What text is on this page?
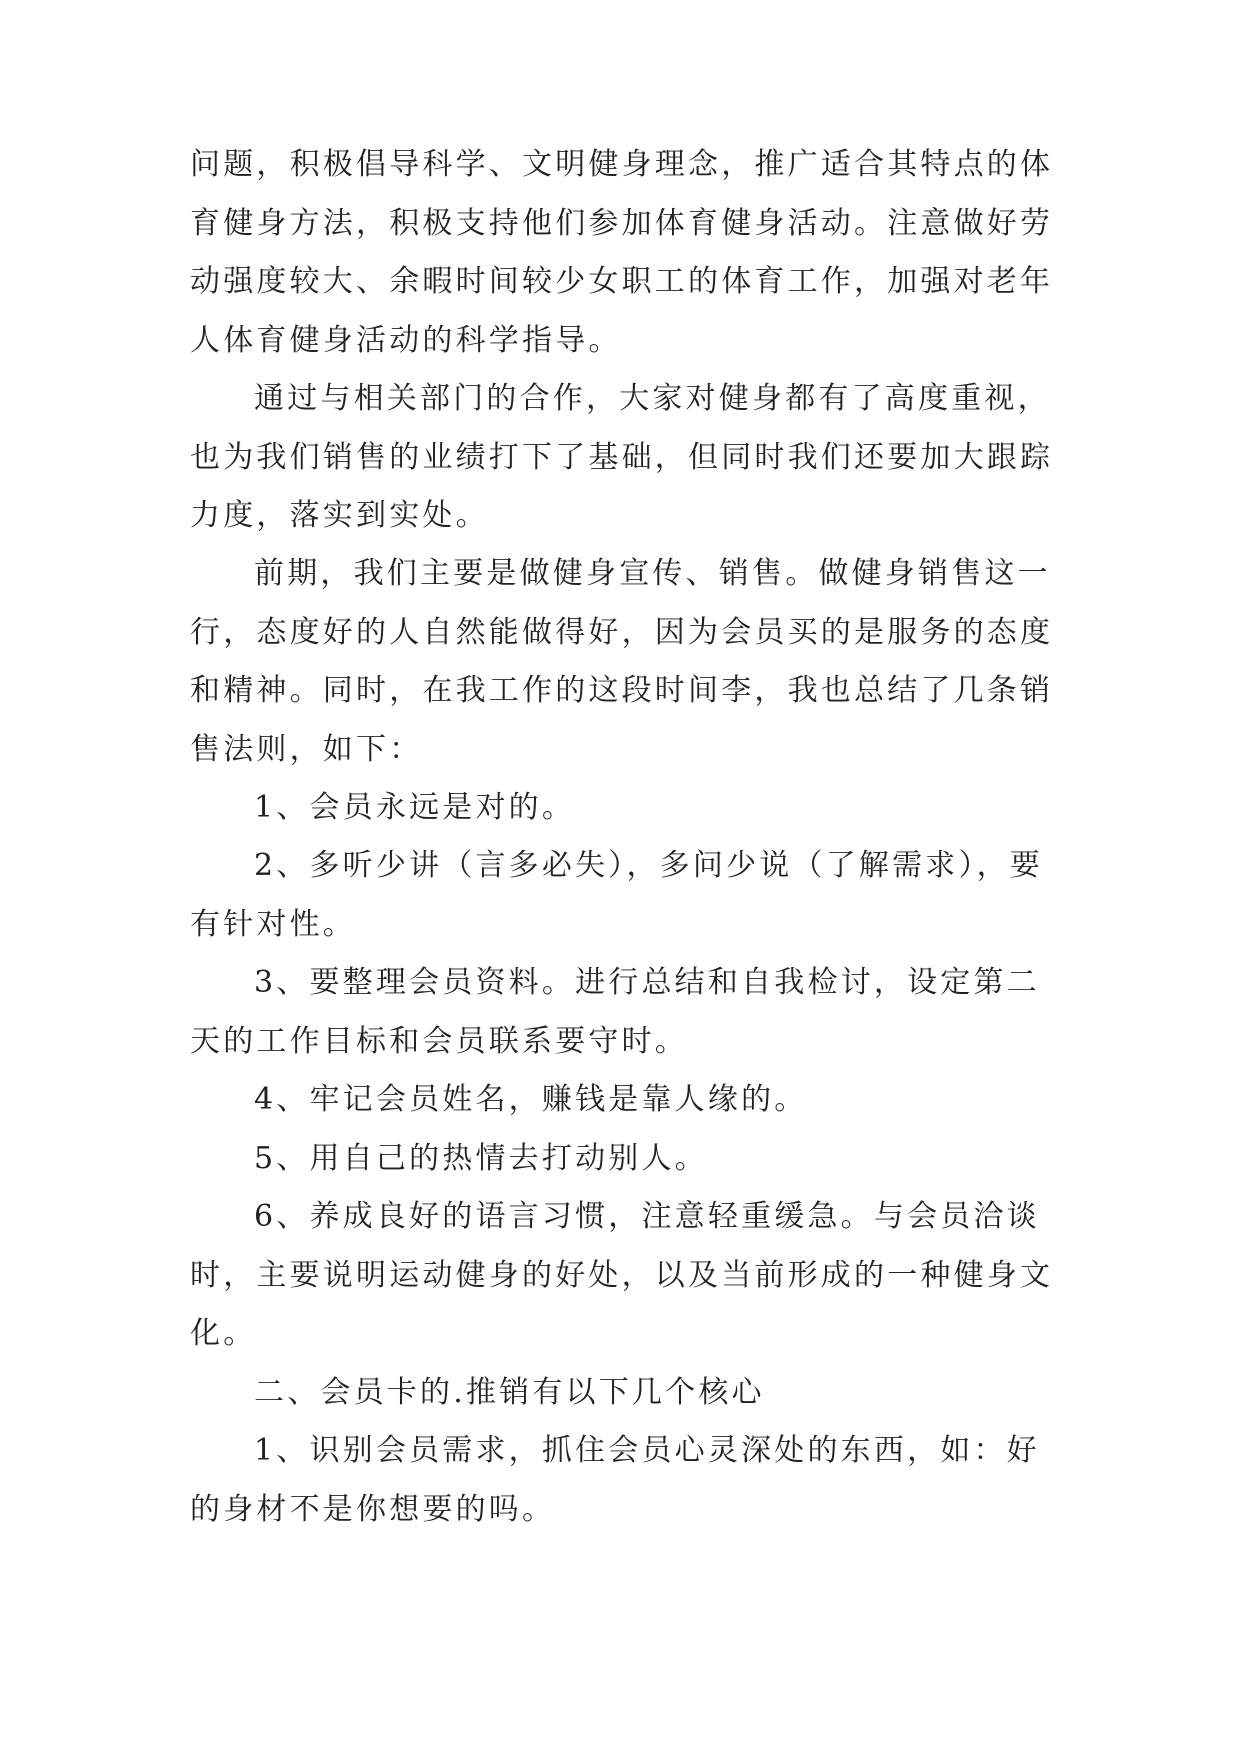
问题，积极倡导科学、文明健身理念，推广适合其特点的体
育健身方法，积极支持他们参加体育健身活动。注意做好劳
动强度较大、余暇时间较少女职工的体育工作，加强对老年
人体育健身活动的科学指导。

通过与相关部门的合作，大家对健身都有了高度重视，
也为我们销售的业绩打下了基础，但同时我们还要加大跟踪
力度，落实到实处。

前期，我们主要是做健身宣传、销售。做健身销售这一
行，态度好的人自然能做得好，因为会员买的是服务的态度
和精神。同时，在我工作的这段时间李，我也总结了几条销
售法则，如下：

1、会员永远是对的。

2、多听少讲（言多必失），多问少说（了解需求），要
有针对性。

3、要整理会员资料。进行总结和自我检讨，设定第二
天的工作目标和会员联系要守时。

4、牢记会员姓名，赚钱是靠人缘的。

5、用自己的热情去打动别人。

6、养成良好的语言习惯，注意轻重缓急。与会员洽谈
时，主要说明运动健身的好处，以及当前形成的一种健身文
化。

二、会员卡的.推销有以下几个核心

1、识别会员需求，抓住会员心灵深处的东西，如：好
的身材不是你想要的吗。
